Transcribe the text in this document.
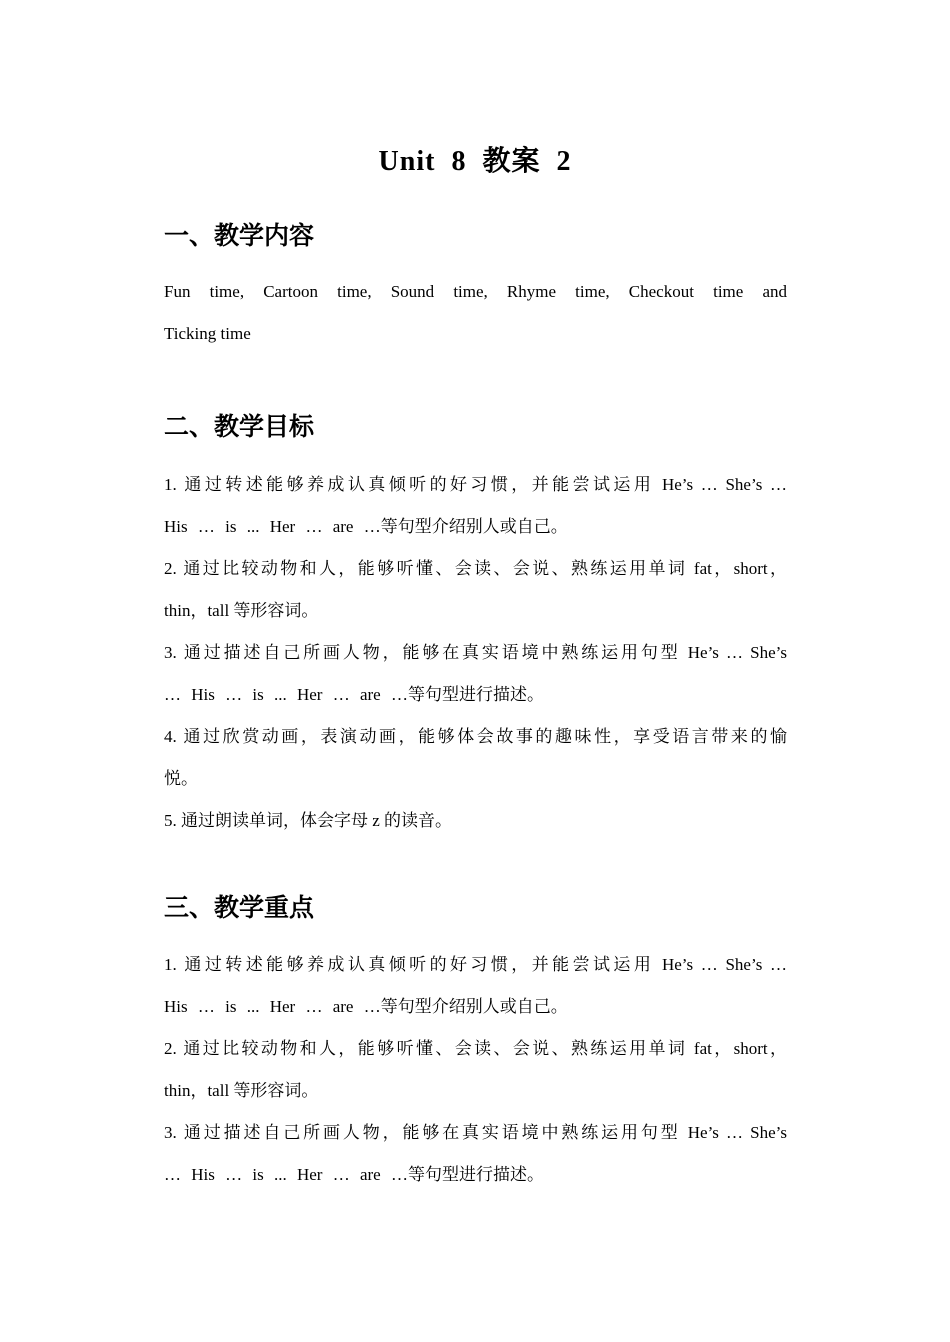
Unit 8 教案 2
一、教学内容
Fun time, Cartoon time, Sound time, Rhyme time, Checkout time and
Ticking time
二、教学目标
1. 通过转述能够养成认真倾听的好习惯，并能尝试运用 He’s … She’s …
His … is ... Her … are …等句型介绍别人或自己。
2. 通过比较动物和人，能够听懂、会读、会说、熟练运用单词 fat，short，
thin，tall 等形容词。
3. 通过描述自己所画人物，能够在真实语境中熟练运用句型 He’s … She’s
… His … is ... Her … are …等句型进行描述。
4. 通过欣赏动画，表演动画，能够体会故事的趣味性，享受语言带来的愉
悦。
5. 通过朗读单词，体会字母 z 的读音。
三、教学重点
1. 通过转述能够养成认真倾听的好习惯，并能尝试运用 He’s … She’s …
His … is ... Her … are …等句型介绍别人或自己。
2. 通过比较动物和人，能够听懂、会读、会说、熟练运用单词 fat，short，
thin，tall 等形容词。
3. 通过描述自己所画人物，能够在真实语境中熟练运用句型 He’s … She’s
… His … is ... Her … are …等句型进行描述。
